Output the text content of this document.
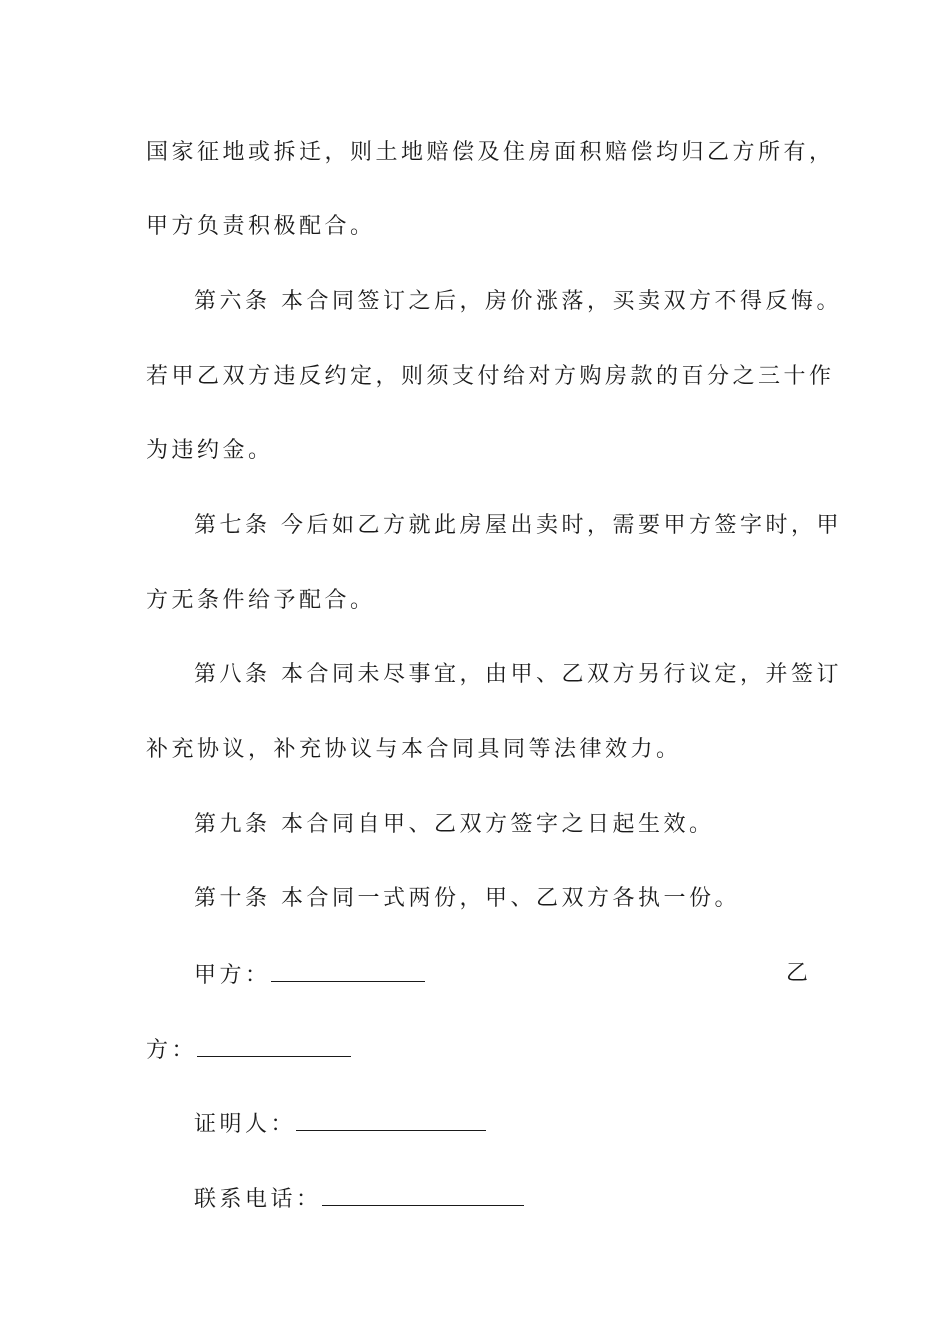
国家征地或拆迁，则土地赔偿及住房面积赔偿均归乙方所有，
甲方负责积极配合。
第六条 本合同签订之后，房价涨落，买卖双方不得反悔。
若甲乙双方违反约定，则须支付给对方购房款的百分之三十作
为违约金。
第七条 今后如乙方就此房屋出卖时，需要甲方签字时，甲
方无条件给予配合。
第八条 本合同未尽事宜，由甲、乙双方另行议定，并签订
补充协议，补充协议与本合同具同等法律效力。
第九条 本合同自甲、乙双方签字之日起生效。
第十条 本合同一式两份，甲、乙双方各执一份。
甲方：	乙
方：
证明人：
联系电话：
